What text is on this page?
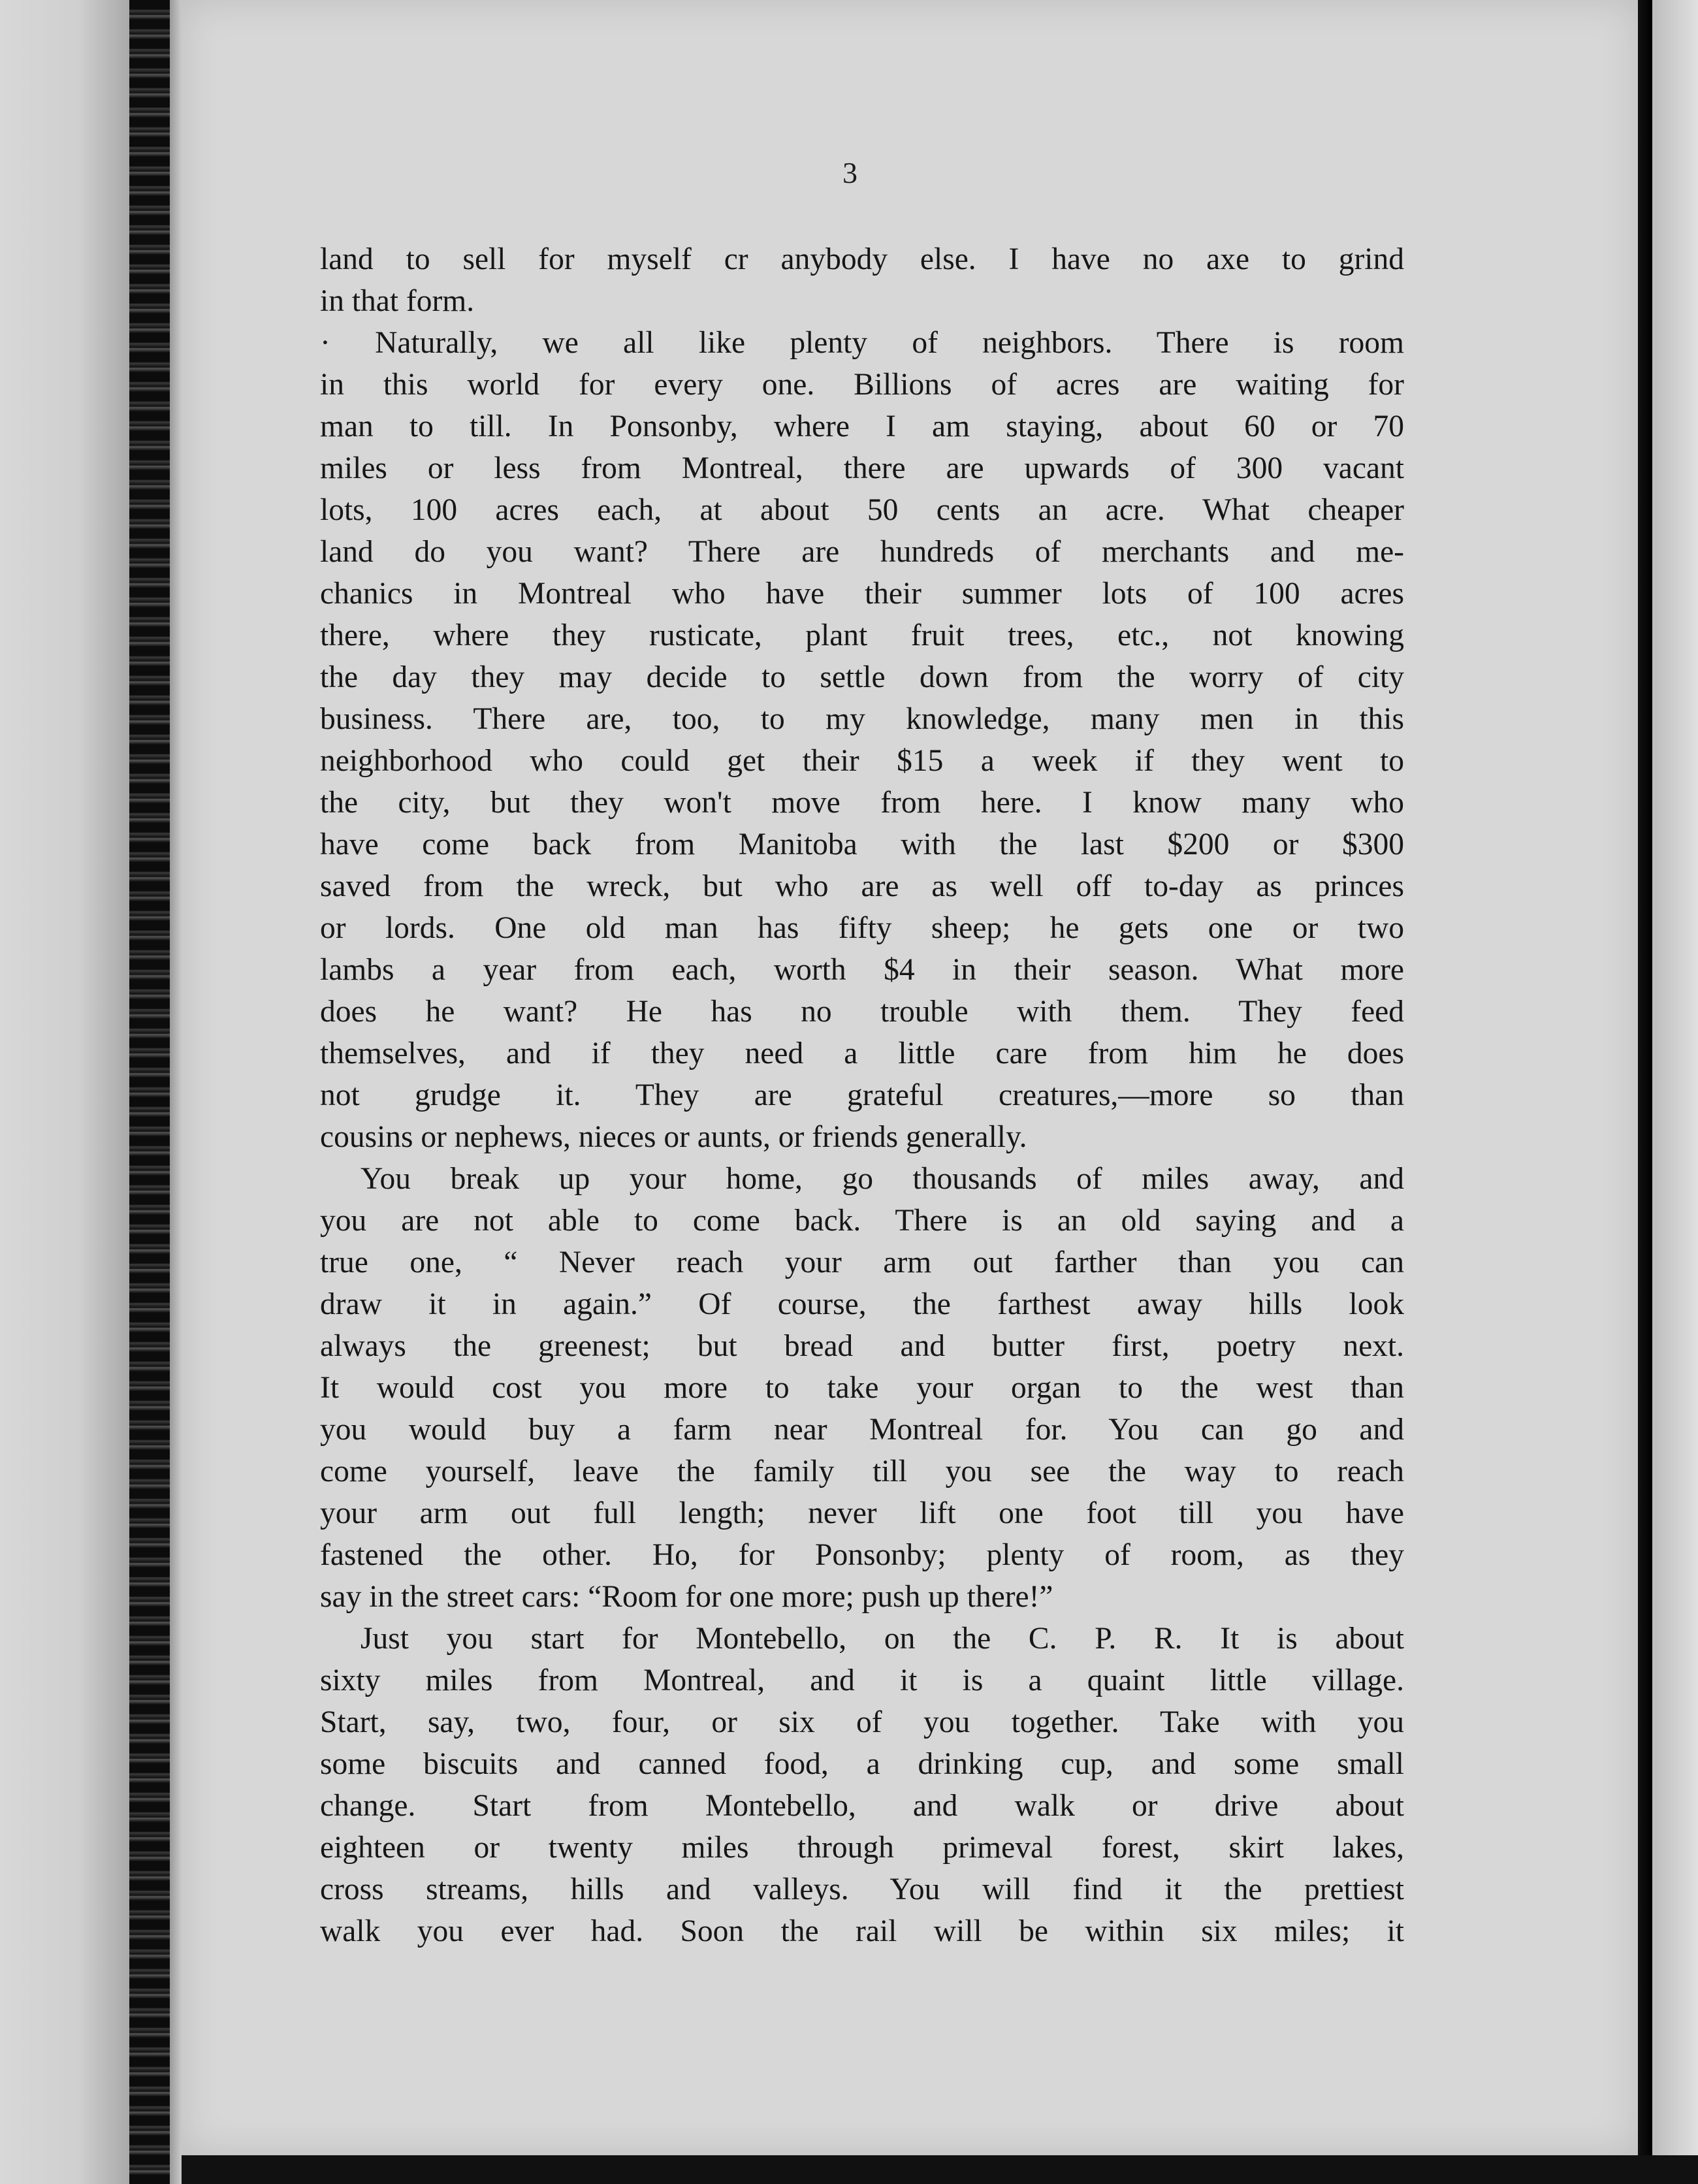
3
land to sell for myself cr anybody else. I have no axe to grind
in that form.
· Naturally, we all like plenty of neighbors. There is room
in this world for every one. Billions of acres are waiting for
man to till. In Ponsonby, where I am staying, about 60 or 70
miles or less from Montreal, there are upwards of 300 vacant
lots, 100 acres each, at about 50 cents an acre. What cheaper
land do you want? There are hundreds of merchants and me-
chanics in Montreal who have their summer lots of 100 acres
there, where they rusticate, plant fruit trees, etc., not knowing
the day they may decide to settle down from the worry of city
business. There are, too, to my knowledge, many men in this
neighborhood who could get their $15 a week if they went to
the city, but they won't move from here. I know many who
have come back from Manitoba with the last $200 or $300
saved from the wreck, but who are as well off to-day as princes
or lords. One old man has fifty sheep; he gets one or two
lambs a year from each, worth $4 in their season. What more
does he want? He has no trouble with them. They feed
themselves, and if they need a little care from him he does
not grudge it. They are grateful creatures,—more so than
cousins or nephews, nieces or aunts, or friends generally.
You break up your home, go thousands of miles away, and
you are not able to come back. There is an old saying and a
true one, “ Never reach your arm out farther than you can
draw it in again.” Of course, the farthest away hills look
always the greenest; but bread and butter first, poetry next.
It would cost you more to take your organ to the west than
you would buy a farm near Montreal for. You can go and
come yourself, leave the family till you see the way to reach
your arm out full length; never lift one foot till you have
fastened the other. Ho, for Ponsonby; plenty of room, as they
say in the street cars: “Room for one more; push up there!”
Just you start for Montebello, on the C. P. R. It is about
sixty miles from Montreal, and it is a quaint little village.
Start, say, two, four, or six of you together. Take with you
some biscuits and canned food, a drinking cup, and some small
change. Start from Montebello, and walk or drive about
eighteen or twenty miles through primeval forest, skirt lakes,
cross streams, hills and valleys. You will find it the prettiest
walk you ever had. Soon the rail will be within six miles; it
